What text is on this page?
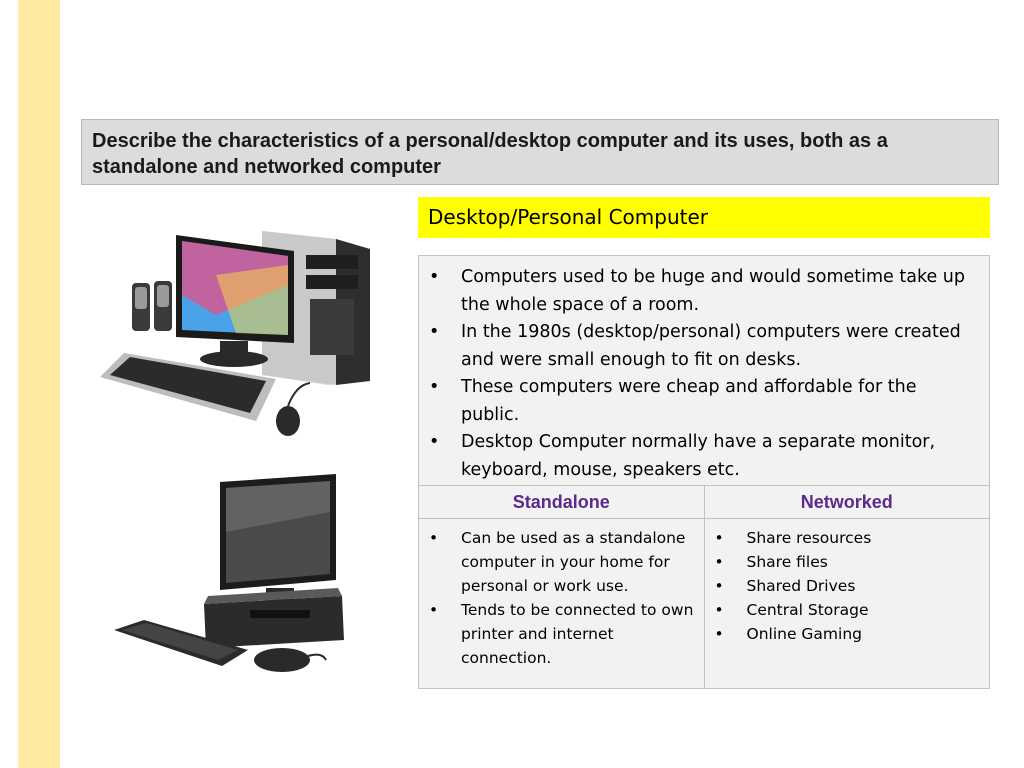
Describe the characteristics of a personal/desktop computer and its uses, both as a standalone and networked computer
Desktop/Personal Computer
• Computers used to be huge and would sometime take up the whole space of a room.
• In the 1980s (desktop/personal) computers were created and were small enough to fit on desks.
• These computers were cheap and affordable for the public.
• Desktop Computer normally have a separate monitor, keyboard, mouse, speakers etc.
Standalone	Networked
• Can be used as a standalone computer in your home for personal or work use.
• Tends to be connected to own printer and internet connection.
• Share resources
• Share files
• Shared Drives
• Central Storage
• Online Gaming
